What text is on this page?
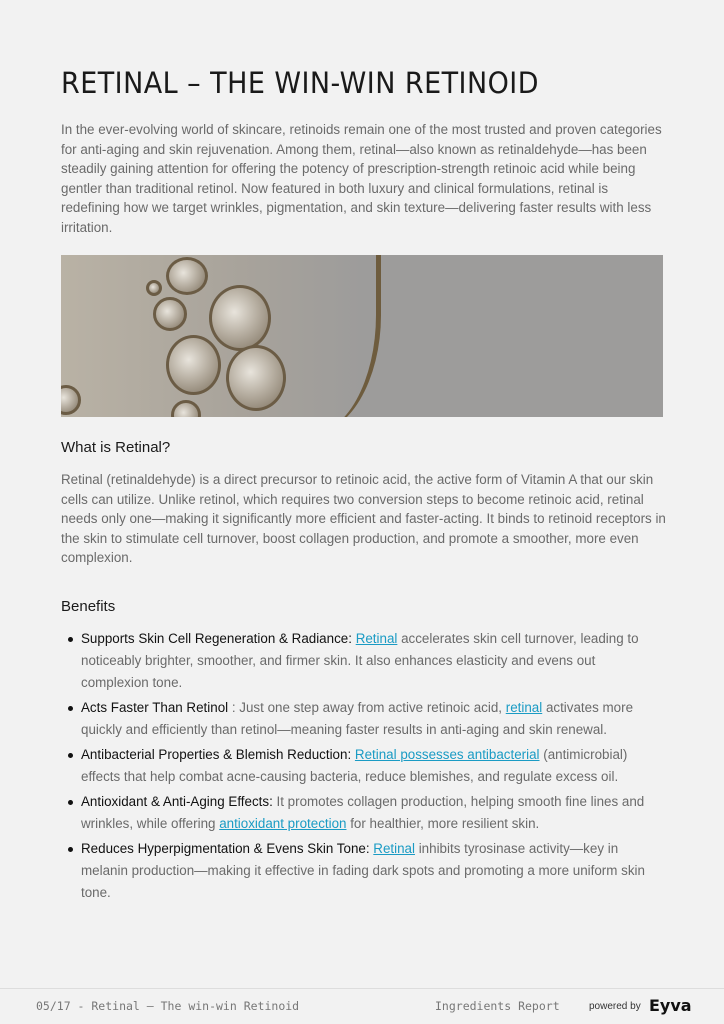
RETINAL – THE WIN-WIN RETINOID

In the ever-evolving world of skincare, retinoids remain one of the most trusted and proven categories for anti-aging and skin rejuvenation. Among them, retinal—also known as retinaldehyde—has been steadily gaining attention for offering the potency of prescription-strength retinoic acid while being gentler than traditional retinol. Now featured in both luxury and clinical formulations, retinal is redefining how we target wrinkles, pigmentation, and skin texture—delivering faster results with less irritation.

What is Retinal?

Retinal (retinaldehyde) is a direct precursor to retinoic acid, the active form of Vitamin A that our skin cells can utilize. Unlike retinol, which requires two conversion steps to become retinoic acid, retinal needs only one—making it significantly more efficient and faster-acting. It binds to retinoid receptors in the skin to stimulate cell turnover, boost collagen production, and promote a smoother, more even complexion.

Benefits
Supports Skin Cell Regeneration & Radiance: Retinal accelerates skin cell turnover, leading to noticeably brighter, smoother, and firmer skin. It also enhances elasticity and evens out complexion tone.
Acts Faster Than Retinol : Just one step away from active retinoic acid, retinal activates more quickly and efficiently than retinol—meaning faster results in anti-aging and skin renewal.
Antibacterial Properties & Blemish Reduction: Retinal possesses antibacterial (antimicrobial) effects that help combat acne-causing bacteria, reduce blemishes, and regulate excess oil.
Antioxidant & Anti-Aging Effects: It promotes collagen production, helping smooth fine lines and wrinkles, while offering antioxidant protection for healthier, more resilient skin.
Reduces Hyperpigmentation & Evens Skin Tone: Retinal inhibits tyrosinase activity—key in melanin production—making it effective in fading dark spots and promoting a more uniform skin tone.
05/17 - Retinal – The win-win Retinoid	Ingredients Report	powered by Eyva
